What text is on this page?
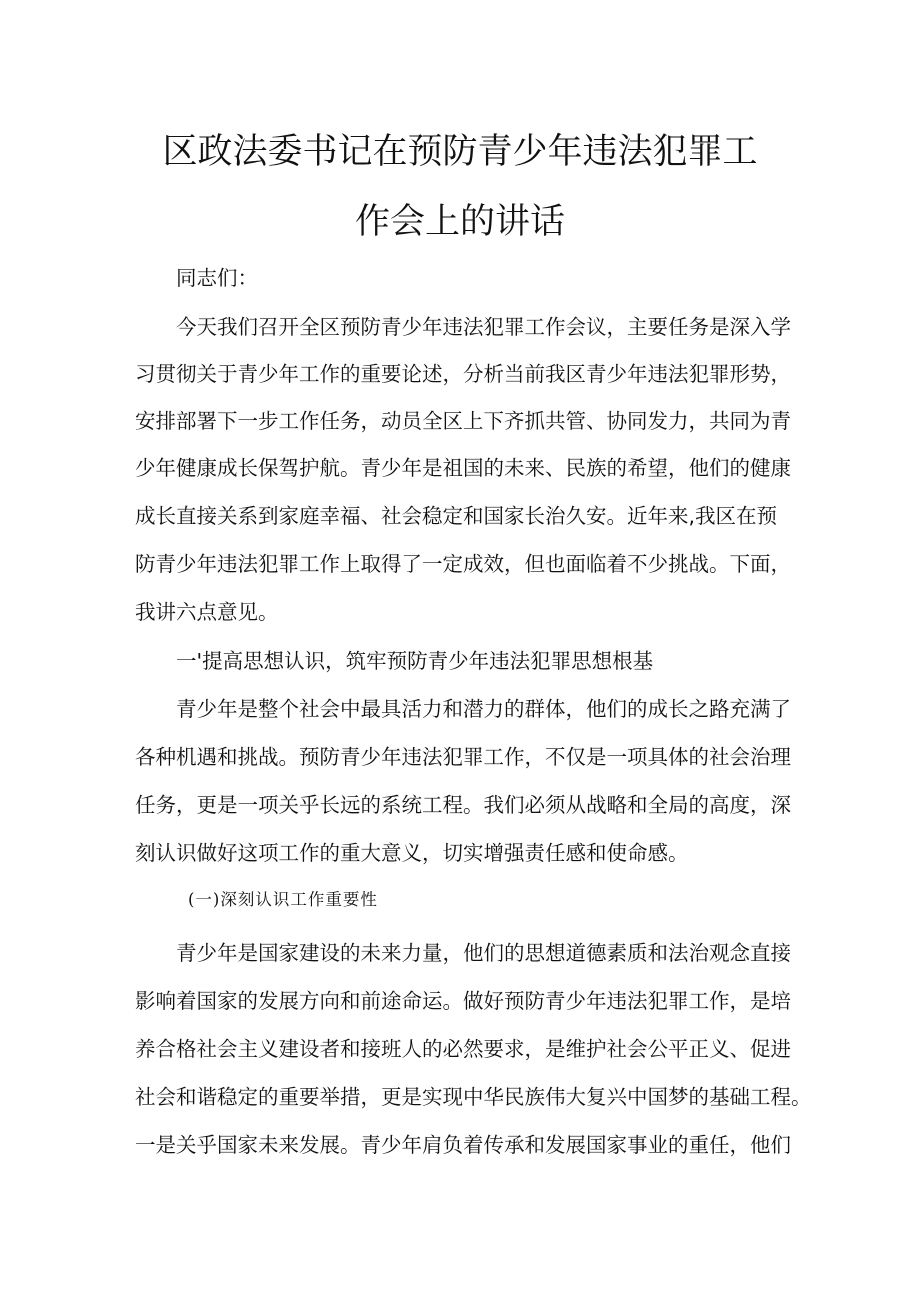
区政法委书记在预防青少年违法犯罪工
作会上的讲话
同志们：
今天我们召开全区预防青少年违法犯罪工作会议，主要任务是深入学
习贯彻关于青少年工作的重要论述，分析当前我区青少年违法犯罪形势，
安排部署下一步工作任务，动员全区上下齐抓共管、协同发力，共同为青
少年健康成长保驾护航。青少年是祖国的未来、民族的希望，他们的健康
成长直接关系到家庭幸福、社会稳定和国家长治久安。近年来,我区在预
防青少年违法犯罪工作上取得了一定成效，但也面临着不少挑战。下面，
我讲六点意见。
一'提高思想认识，筑牢预防青少年违法犯罪思想根基
青少年是整个社会中最具活力和潜力的群体，他们的成长之路充满了
各种机遇和挑战。预防青少年违法犯罪工作，不仅是一项具体的社会治理
任务，更是一项关乎长远的系统工程。我们必须从战略和全局的高度，深
刻认识做好这项工作的重大意义，切实增强责任感和使命感。
(一)深刻认识工作重要性
青少年是国家建设的未来力量，他们的思想道德素质和法治观念直接
影响着国家的发展方向和前途命运。做好预防青少年违法犯罪工作，是培
养合格社会主义建设者和接班人的必然要求，是维护社会公平正义、促进
社会和谐稳定的重要举措，更是实现中华民族伟大复兴中国梦的基础工程。
一是关乎国家未来发展。青少年肩负着传承和发展国家事业的重任，他们
